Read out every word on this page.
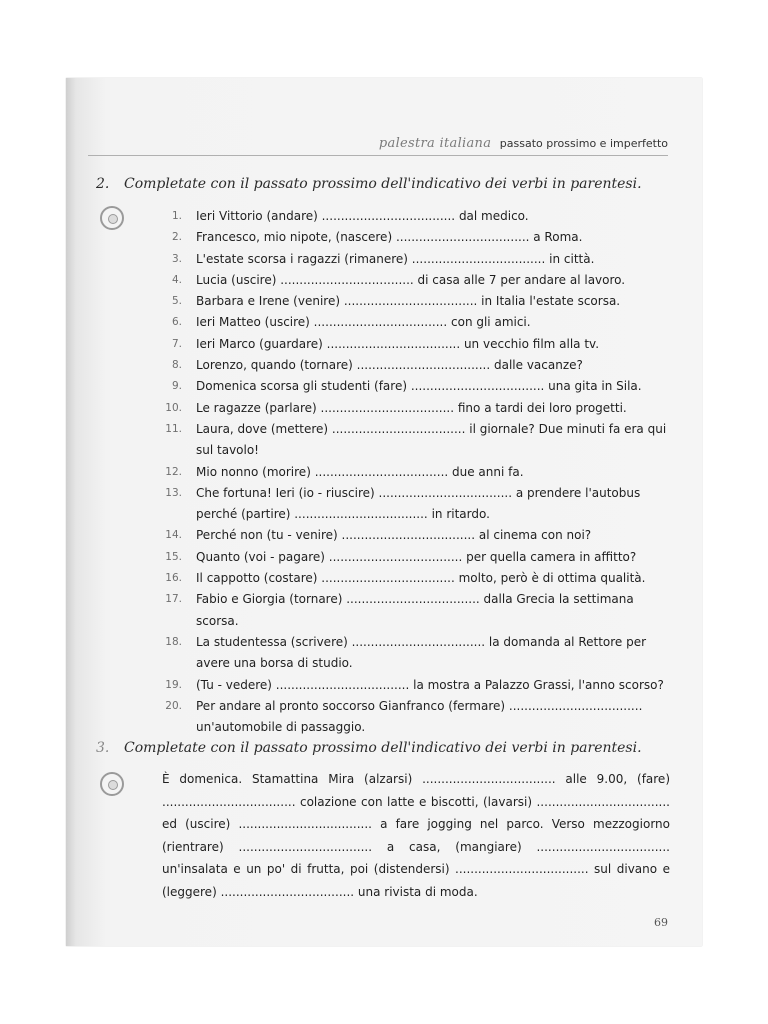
palestra italiana passato prossimo e imperfetto
2. Completate con il passato prossimo dell'indicativo dei verbi in parentesi.
1.	Ieri Vittorio (andare) ................................... dal medico.
2.	Francesco, mio nipote, (nascere) ................................... a Roma.
3.	L'estate scorsa i ragazzi (rimanere) ................................... in città.
4.	Lucia (uscire) ................................... di casa alle 7 per andare al lavoro.
5.	Barbara e Irene (venire) ................................... in Italia l'estate scorsa.
6.	Ieri Matteo (uscire) ................................... con gli amici.
7.	Ieri Marco (guardare) ................................... un vecchio film alla tv.
8.	Lorenzo, quando (tornare) ................................... dalle vacanze?
9.	Domenica scorsa gli studenti (fare) ................................... una gita in Sila.
10.	Le ragazze (parlare) ................................... fino a tardi dei loro progetti.
11.	Laura, dove (mettere) ................................... il giornale? Due minuti fa era qui sul tavolo!
12.	Mio nonno (morire) ................................... due anni fa.
13.	Che fortuna! Ieri (io - riuscire) ................................... a prendere l'autobus perché (partire) ................................... in ritardo.
14.	Perché non (tu - venire) ................................... al cinema con noi?
15.	Quanto (voi - pagare) ................................... per quella camera in affitto?
16.	Il cappotto (costare) ................................... molto, però è di ottima qualità.
17.	Fabio e Giorgia (tornare) ................................... dalla Grecia la settimana scorsa.
18.	La studentessa (scrivere) ................................... la domanda al Rettore per avere una borsa di studio.
19.	(Tu - vedere) ................................... la mostra a Palazzo Grassi, l'anno scorso?
20.	Per andare al pronto soccorso Gianfranco (fermare) ................................... un'automobile di passaggio.
3. Completate con il passato prossimo dell'indicativo dei verbi in parentesi.
È domenica. Stamattina Mira (alzarsi) ................................... alle 9.00, (fare) ................................... colazione con latte e biscotti, (lavarsi) ................................... ed (uscire) ................................... a fare jogging nel parco. Verso mezzogiorno (rientrare) ................................... a casa, (mangiare) ................................... un'insalata e un po' di frutta, poi (distendersi) ................................... sul divano e (leggere) ................................... una rivista di moda.
69
